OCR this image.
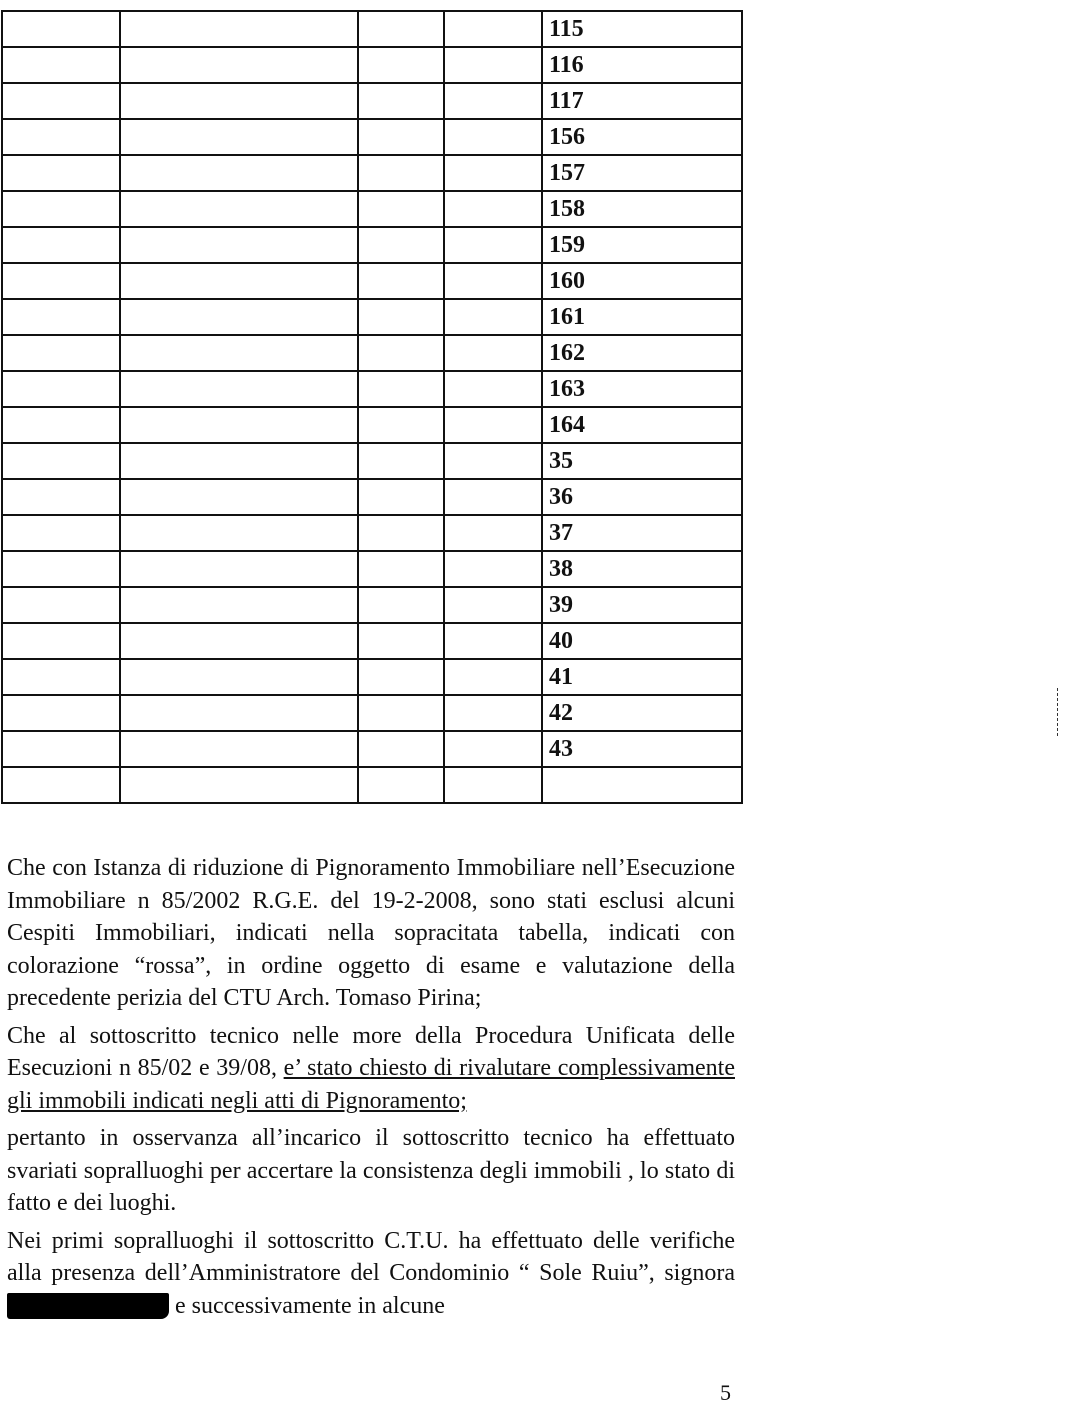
				115
				116
				117
				156
				157
				158
				159
				160
				161
				162
				163
				164
				35
				36
				37
				38
				39
				40
				41
				42
				43

Che con Istanza di riduzione di Pignoramento Immobiliare nell’Esecuzione Immobiliare n 85/2002 R.G.E. del 19-2-2008, sono stati esclusi alcuni Cespiti Immobiliari, indicati nella sopracitata tabella, indicati con colorazione “rossa”, in ordine oggetto di esame e valutazione della precedente perizia del CTU Arch. Tomaso Pirina;

Che al sottoscritto tecnico nelle more della Procedura Unificata delle Esecuzioni n 85/02 e 39/08, e’ stato chiesto di rivalutare complessivamente gli immobili indicati negli atti di Pignoramento;

pertanto in osservanza all’incarico il sottoscritto tecnico ha effettuato svariati sopralluoghi per accertare la consistenza degli immobili , lo stato di fatto e dei luoghi.

Nei primi sopralluoghi il sottoscritto C.T.U. ha effettuato delle verifiche alla presenza dell’Amministratore del Condominio “ Sole Ruiu”, signora  e successivamente in alcune

5
